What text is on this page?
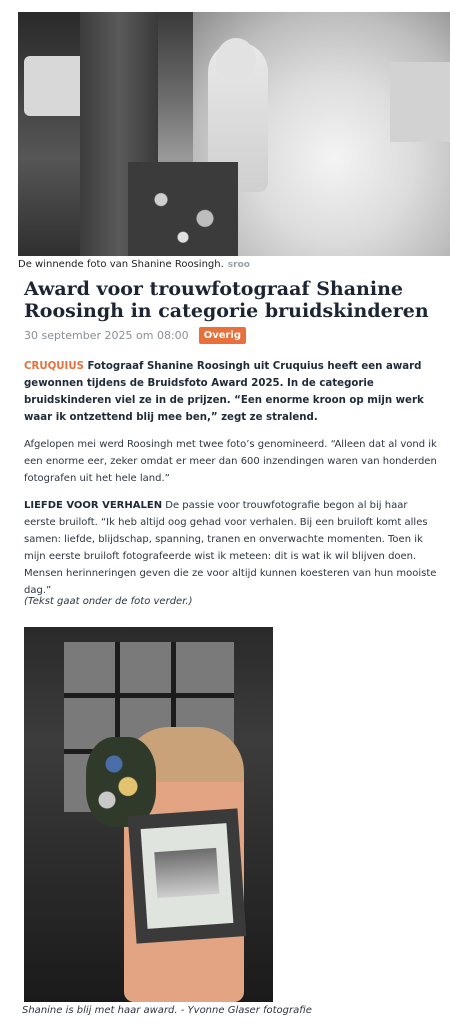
De winnende foto van Shanine Roosingh. sroo
Award voor trouwfotograaf Shanine Roosingh in categorie bruidskinderen
30 september 2025 om 08:00	Overig

CRUQUIUS Fotograaf Shanine Roosingh uit Cruquius heeft een award gewonnen tijdens de Bruidsfoto Award 2025. In de categorie bruidskinderen viel ze in de prijzen. “Een enorme kroon op mijn werk waar ik ontzettend blij mee ben,” zegt ze stralend.

Afgelopen mei werd Roosingh met twee foto’s genomineerd. “Alleen dat al vond ik een enorme eer, zeker omdat er meer dan 600 inzendingen waren van honderden fotografen uit het hele land.”

LIEFDE VOOR VERHALEN De passie voor trouwfotografie begon al bij haar eerste bruiloft. “Ik heb altijd oog gehad voor verhalen. Bij een bruiloft komt alles samen: liefde, blijdschap, spanning, tranen en onverwachte momenten. Toen ik mijn eerste bruiloft fotografeerde wist ik meteen: dit is wat ik wil blijven doen. Mensen herinneringen geven die ze voor altijd kunnen koesteren van hun mooiste dag.”

(Tekst gaat onder de foto verder.)

Shanine is blij met haar award. - Yvonne Glaser fotografie
